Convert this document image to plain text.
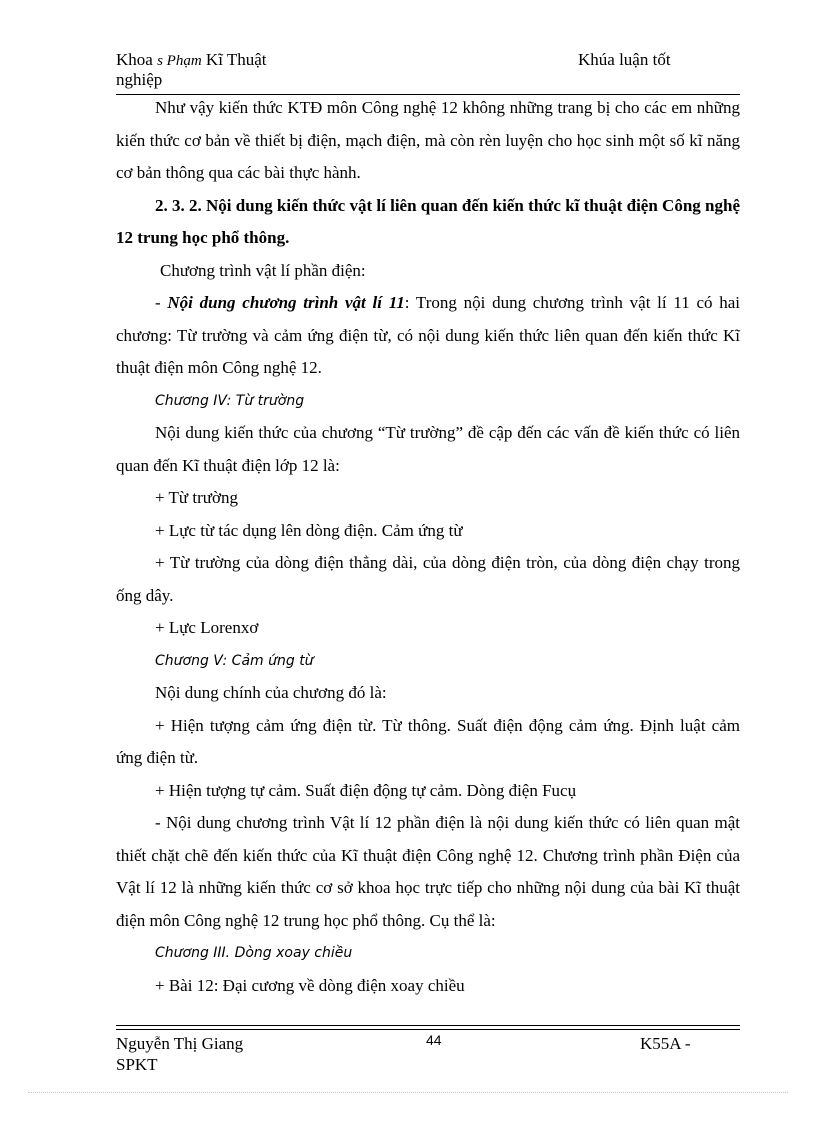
Khoa s Phạm Kĩ Thuật
nghiệp
Khúa luận tốt

Như vậy kiến thức KTĐ môn Công nghệ 12 không những trang bị cho các em những kiến thức cơ bản về thiết bị điện, mạch điện, mà còn rèn luyện cho học sinh một số kĩ năng cơ bản thông qua các bài thực hành.

2. 3. 2. Nội dung kiến thức vật lí liên quan đến kiến thức kĩ thuật điện Công nghệ 12 trung học phổ thông.

Chương trình vật lí phần điện:

- Nội dung chương trình vật lí 11: Trong nội dung chương trình vật lí 11 có hai chương: Từ trường và cảm ứng điện từ, có nội dung kiến thức liên quan đến kiến thức Kĩ thuật điện môn Công nghệ 12.

Chương IV: Từ trường

Nội dung kiến thức của chương “Từ trường” đề cập đến các vấn đề kiến thức có liên quan đến Kĩ thuật điện lớp 12 là:

+ Từ trường

+ Lực từ tác dụng lên dòng điện. Cảm ứng từ

+ Từ trường của dòng điện thẳng dài, của dòng điện tròn, của dòng điện chạy trong ống dây.

+ Lực Lorenxơ

Chương V: Cảm ứng từ

Nội dung chính của chương đó là:

+ Hiện tượng cảm ứng điện từ. Từ thông. Suất điện động cảm ứng. Định luật cảm ứng điện từ.

+ Hiện tượng tự cảm. Suất điện động tự cảm. Dòng điện Fucụ

- Nội dung chương trình Vật lí 12 phần điện là nội dung kiến thức có liên quan mật thiết chặt chẽ đến kiến thức của Kĩ thuật điện Công nghệ 12. Chương trình phần Điện của Vật lí 12 là những kiến thức cơ sở khoa học trực tiếp cho những nội dung của bài Kĩ thuật điện môn Công nghệ 12 trung học phổ thông. Cụ thể là:

Chương III. Dòng xoay chiều

+ Bài 12: Đại cương về dòng điện xoay chiều

Nguyễn Thị Giang
SPKT
44	K55A -
